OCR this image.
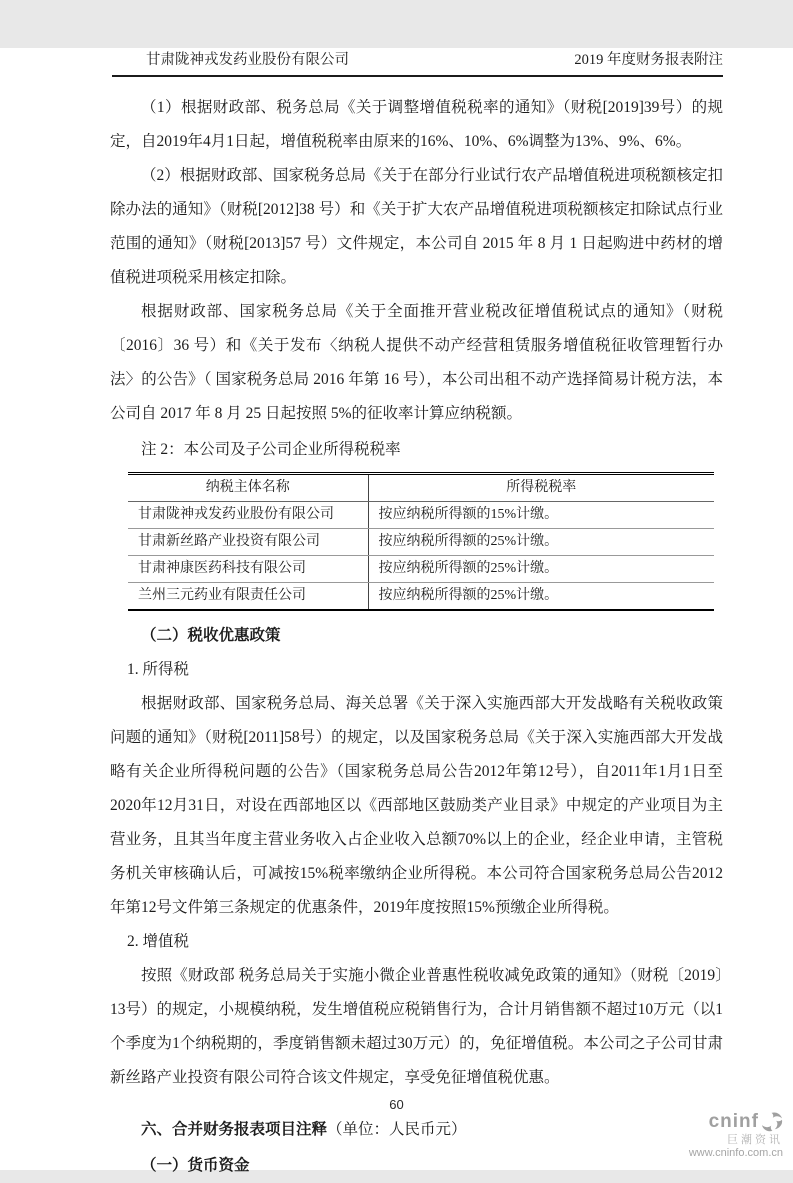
甘肃陇神戎发药业股份有限公司	2019 年度财务报表附注

（1）根据财政部、税务总局《关于调整增值税税率的通知》（财税[2019]39号）的规定，自2019年4月1日起，增值税税率由原来的16%、10%、6%调整为13%、9%、6%。

（2）根据财政部、国家税务总局《关于在部分行业试行农产品增值税进项税额核定扣除办法的通知》（财税[2012]38 号）和《关于扩大农产品增值税进项税额核定扣除试点行业范围的通知》（财税[2013]57 号）文件规定，本公司自 2015 年 8 月 1 日起购进中药材的增值税进项税采用核定扣除。

根据财政部、国家税务总局《关于全面推开营业税改征增值税试点的通知》（财税〔2016〕36 号）和《关于发布〈纳税人提供不动产经营租赁服务增值税征收管理暂行办法〉的公告》（ 国家税务总局 2016 年第 16 号），本公司出租不动产选择简易计税方法，本公司自 2017 年 8 月 25 日起按照 5%的征收率计算应纳税额。

注 2：本公司及子公司企业所得税税率

纳税主体名称	所得税税率
甘肃陇神戎发药业股份有限公司	按应纳税所得额的15%计缴。
甘肃新丝路产业投资有限公司	按应纳税所得额的25%计缴。
甘肃神康医药科技有限公司	按应纳税所得额的25%计缴。
兰州三元药业有限责任公司	按应纳税所得额的25%计缴。

（二）税收优惠政策

1. 所得税

根据财政部、国家税务总局、海关总署《关于深入实施西部大开发战略有关税收政策问题的通知》（财税[2011]58号）的规定，以及国家税务总局《关于深入实施西部大开发战略有关企业所得税问题的公告》（国家税务总局公告2012年第12号），自2011年1月1日至2020年12月31日，对设在西部地区以《西部地区鼓励类产业目录》中规定的产业项目为主营业务，且其当年度主营业务收入占企业收入总额70%以上的企业，经企业申请，主管税务机关审核确认后，可减按15%税率缴纳企业所得税。本公司符合国家税务总局公告2012年第12号文件第三条规定的优惠条件，2019年度按照15%预缴企业所得税。

2. 增值税

按照《财政部 税务总局关于实施小微企业普惠性税收减免政策的通知》（财税〔2019〕13号）的规定，小规模纳税，发生增值税应税销售行为，合计月销售额不超过10万元（以1个季度为1个纳税期的，季度销售额未超过30万元）的，免征增值税。本公司之子公司甘肃新丝路产业投资有限公司符合该文件规定，享受免征增值税优惠。

六、合并财务报表项目注释（单位：人民币元）

（一）货币资金

60
cninf
巨潮资讯
www.cninfo.com.cn
